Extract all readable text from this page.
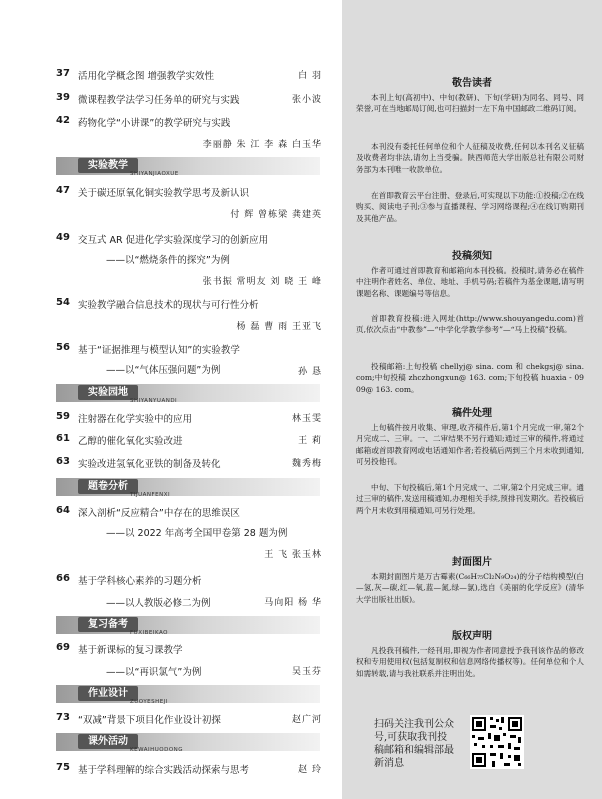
37 活用化学概念图 增强教学实效性	白 羽
39 微课程教学法学习任务单的研究与实践	张小波
42 药物化学“小讲课”的教学研究与实践
李丽静 朱 江 李 森 白玉华
实验教学
SHIYANJIAOXUE
47 关于碳还原氧化铜实验教学思考及新认识
付 辉 曾栋梁 龚建英
49 交互式 AR 促进化学实验深度学习的创新应用
——以“燃烧条件的探究”为例
张书振 常明友 刘 晓 王 峰
54 实验教学融合信息技术的现状与可行性分析
杨 磊 曹 雨 王亚飞
56 基于“证据推理与模型认知”的实验教学
——以“气体压强问题”为例	孙 恳
实验园地
SHIYANYUANDI
59 注射器在化学实验中的应用	林玉雯
61 乙醇的催化氧化实验改进	王 莉
63 实验改进氢氧化亚铁的制备及转化	魏秀梅
题卷分析
TIJUANFENXI
64 深入剖析“反应精合”中存在的思维误区
——以 2022 年高考全国甲卷第 28 题为例
王 飞 张玉林
66 基于学科核心素养的习题分析
——以人教版必修二为例	马向阳 杨 华
复习备考
FUXIBEIKAO
69 基于新课标的复习课教学
——以“再识氯气”为例	吴玉芬
作业设计
ZUOYESHEJI
73 “双减”背景下项目化作业设计初探	赵广河
课外活动
KEWAIHUODONG
75 基于学科理解的综合实践活动探索与思考	赵 玲
敬告读者
本刊上旬(高初中)、中旬(教研)、下旬(学研)为同名、同号、同荣誉,可在当地邮局订阅,也可扫描封一左下角中国邮政二维码订阅。
本刊没有委托任何单位和个人征稿及收费,任何以本刊名义征稿及收费者均非法,请勿上当受骗。陕西师范大学出版总社有限公司财务部为本刊唯一收款单位。
在首即教育云平台注册、登录后,可实现以下功能:①投稿;②在线购买、阅读电子刊;③参与直播课程、学习网络课程;④在线订购期刊及其他产品。
投稿须知
作者可通过首即教育和邮箱向本刊投稿。投稿时,请务必在稿件中注明作者姓名、单位、地址、手机号码;若稿件为基金课题,请写明课题名称、课题编号等信息。
首即教育投稿:进入网址(http://www.shouyangedu.com)首页,依次点击“中教参”—“中学化学教学参考”—“马上投稿”投稿。
投稿邮箱:上旬投稿 chellyj@ sina. com 和 chekgsj@ sina. com;中旬投稿 zhczhongxun@ 163. com;下旬投稿 huaxia - 0909@ 163. com。
稿件处理
上旬稿件按月收集、审理,收齐稿件后,第1个月完成一审,第2个月完成二、三审。一、二审结果不另行通知;通过三审的稿件,将通过邮箱或首即教育网或电话通知作者;若投稿后两到三个月未收到通知,可另投他刊。
中旬、下旬投稿后,第1个月完成一、二审,第2个月完成三审。通过三审的稿件,发送用稿通知,办理相关手续,预排刊发期次。若投稿后两个月未收到用稿通知,可另行处理。
封面图片
本期封面图片是万古霉素(C₆₆H₇₅Cl₂N₉O₂₄)的分子结构模型(白—氢,灰—碳,红—氧,蓝—氮,绿—氯),选自《美丽的化学反应》(清华大学出版社出版)。
版权声明
凡投我刊稿件,一经刊用,即视为作者同意授予我刊该作品的修改权和专用使用权(包括复制权和信息网络传播权等)。任何单位和个人如需转载,请与我社联系并注明出处。
扫码关注我刊公众号,可获取我刊投稿邮箱和编辑部最新消息
